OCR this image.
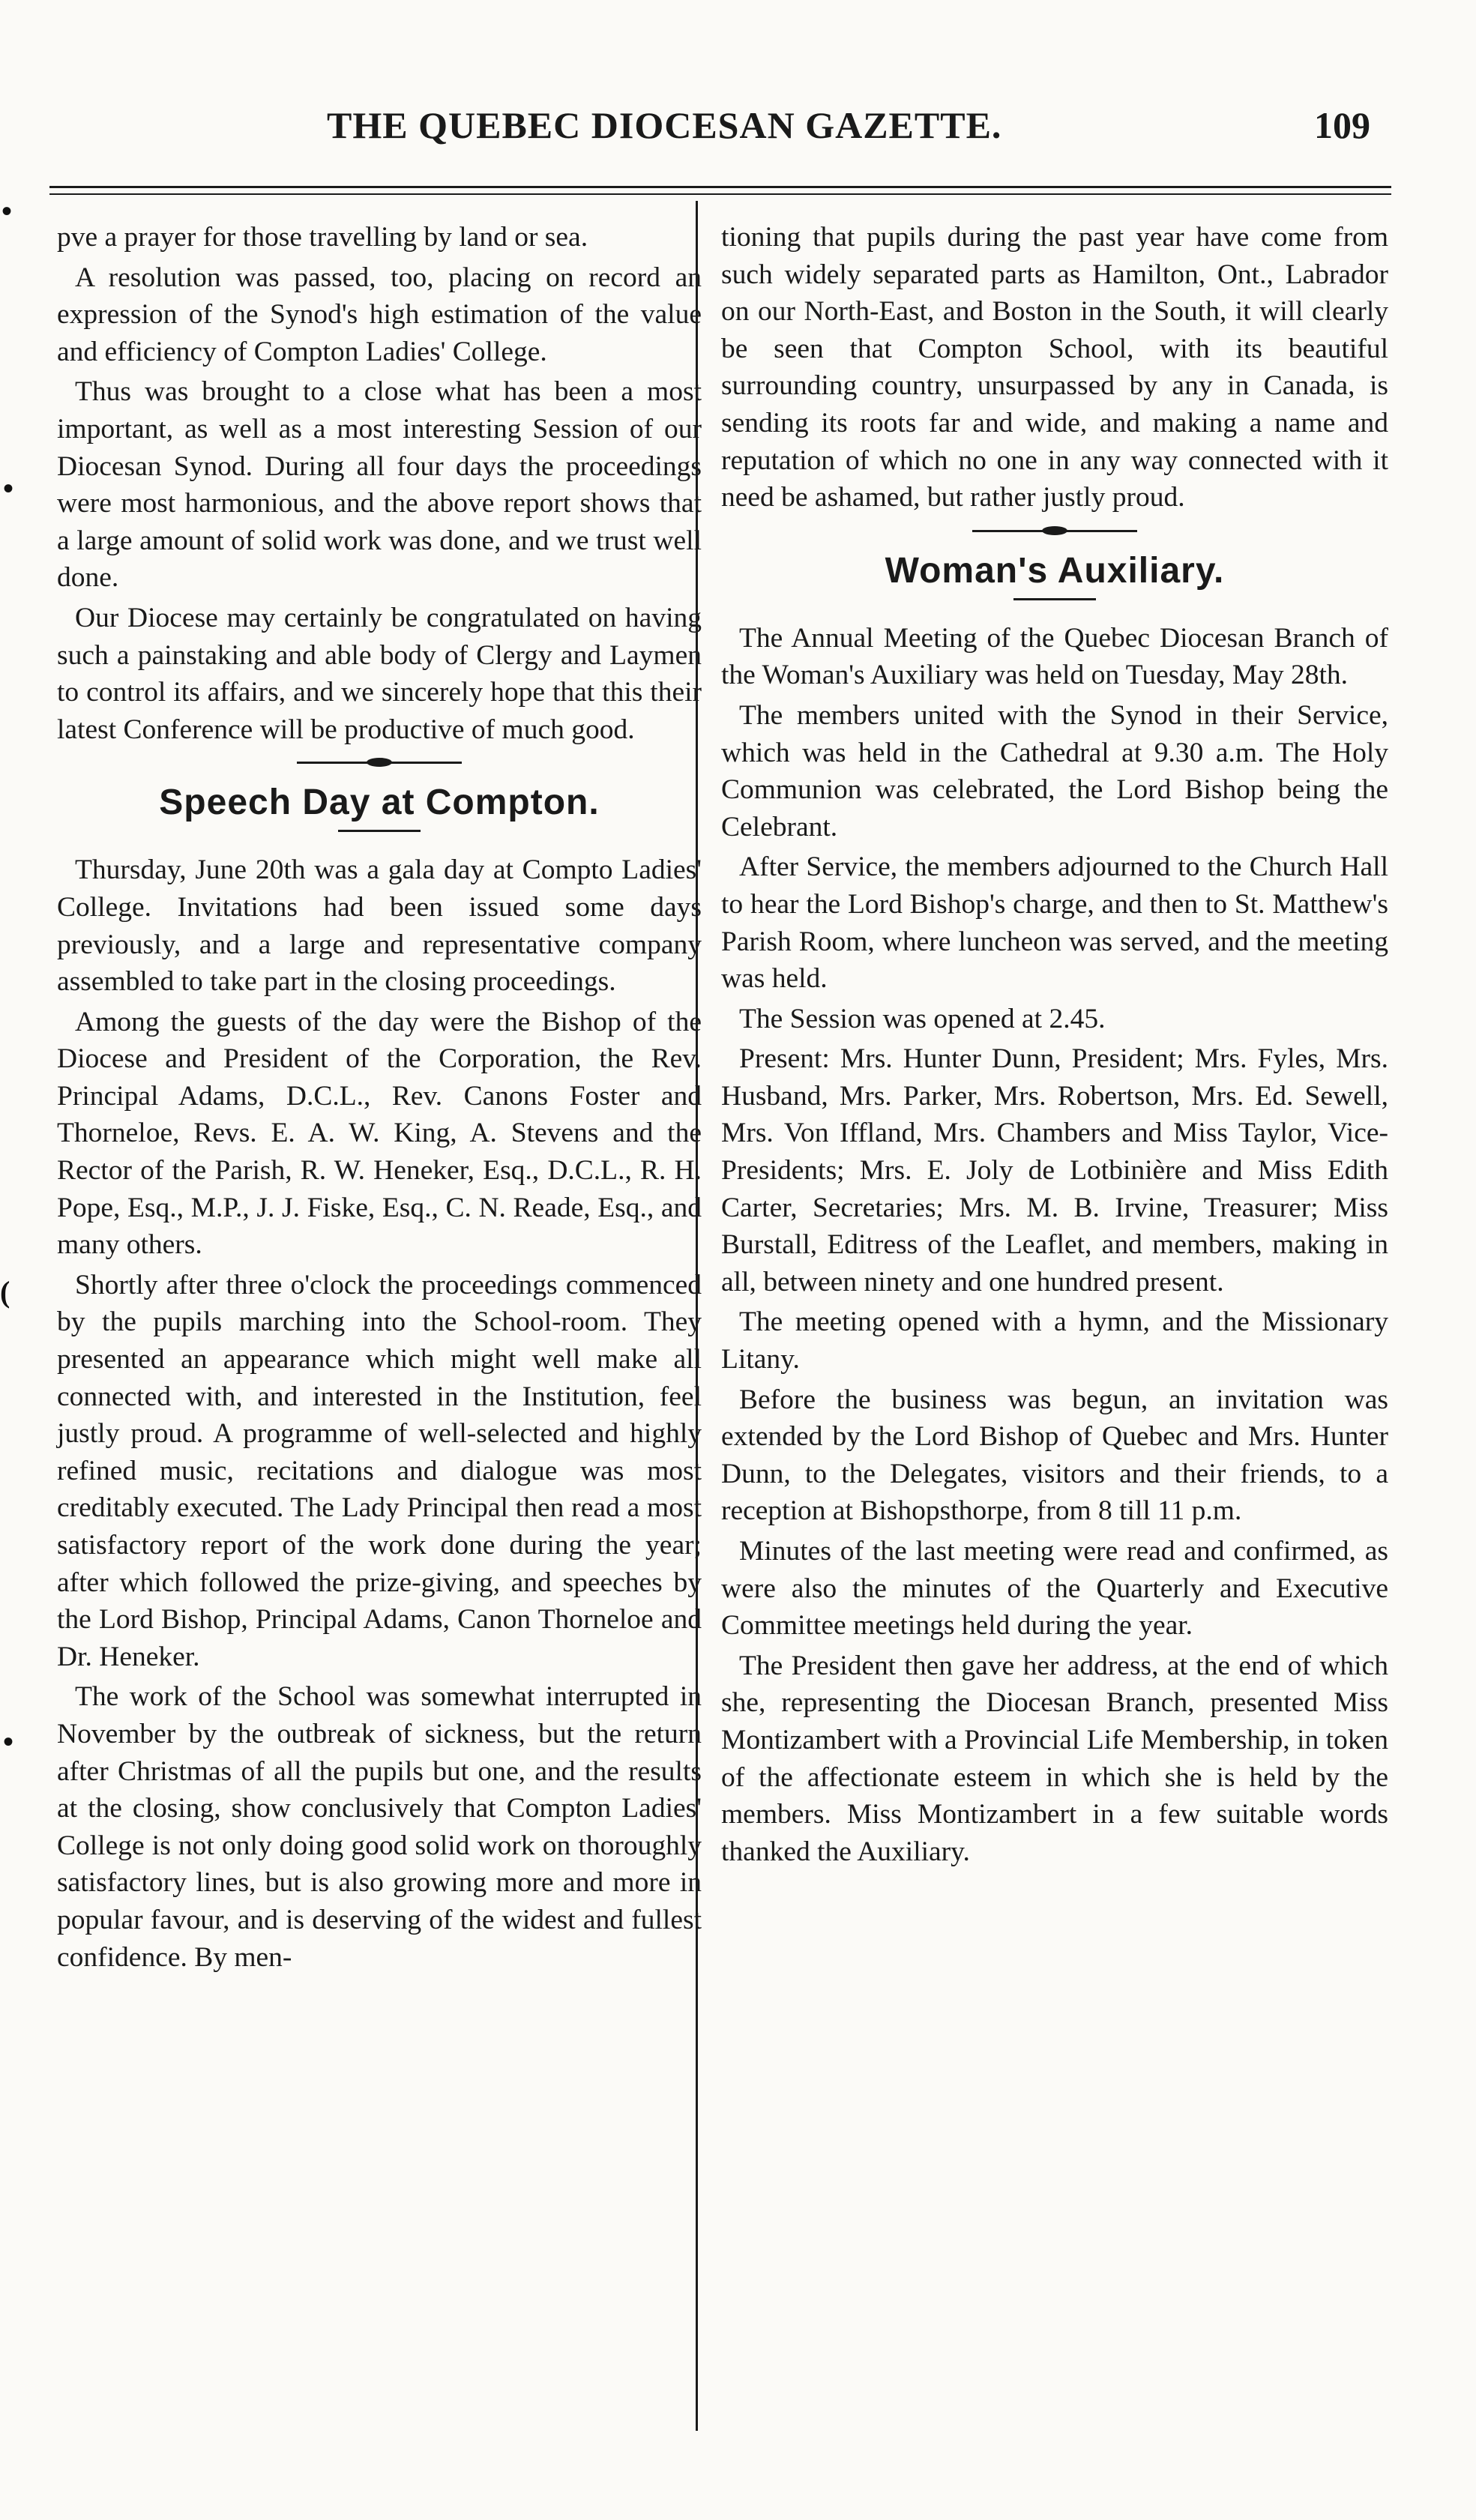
THE QUEBEC DIOCESAN GAZETTE.	109
•
•
(
•

pve a prayer for those travelling by land or sea.

A resolution was passed, too, placing on record an expression of the Synod's high estimation of the value and efficiency of Compton Ladies' College.

Thus was brought to a close what has been a most important, as well as a most interesting Session of our Diocesan Synod. During all four days the proceedings were most harmonious, and the above report shows that a large amount of solid work was done, and we trust well done.

Our Diocese may certainly be congratulated on having such a painstaking and able body of Clergy and Laymen to control its affairs, and we sincerely hope that this their latest Conference will be productive of much good.

Speech Day at Compton.

Thursday, June 20th was a gala day at Compto Ladies' College. Invitations had been issued some days previously, and a large and representative company assembled to take part in the closing proceedings.

Among the guests of the day were the Bishop of the Diocese and President of the Corporation, the Rev. Principal Adams, D.C.L., Rev. Canons Foster and Thorneloe, Revs. E. A. W. King, A. Stevens and the Rector of the Parish, R. W. Heneker, Esq., D.C.L., R. H. Pope, Esq., M.P., J. J. Fiske, Esq., C. N. Reade, Esq., and many others.

Shortly after three o'clock the proceedings commenced by the pupils marching into the School-room. They presented an appearance which might well make all connected with, and interested in the Institution, feel justly proud. A programme of well-selected and highly refined music, recitations and dialogue was most creditably executed. The Lady Principal then read a most satisfactory report of the work done during the year; after which followed the prize-giving, and speeches by the Lord Bishop, Principal Adams, Canon Thorneloe and Dr. Heneker.

The work of the School was somewhat interrupted in November by the outbreak of sickness, but the return after Christmas of all the pupils but one, and the results at the closing, show conclusively that Compton Ladies' College is not only doing good solid work on thoroughly satisfactory lines, but is also growing more and more in popular favour, and is deserving of the widest and fullest confidence. By men-

tioning that pupils during the past year have come from such widely separated parts as Hamilton, Ont., Labrador on our North-East, and Boston in the South, it will clearly be seen that Compton School, with its beautiful surrounding country, unsurpassed by any in Canada, is sending its roots far and wide, and making a name and reputation of which no one in any way connected with it need be ashamed, but rather justly proud.

Woman's Auxiliary.

The Annual Meeting of the Quebec Diocesan Branch of the Woman's Auxiliary was held on Tuesday, May 28th.

The members united with the Synod in their Service, which was held in the Cathedral at 9.30 a.m. The Holy Communion was celebrated, the Lord Bishop being the Celebrant.

After Service, the members adjourned to the Church Hall to hear the Lord Bishop's charge, and then to St. Matthew's Parish Room, where luncheon was served, and the meeting was held.

The Session was opened at 2.45.

Present: Mrs. Hunter Dunn, President; Mrs. Fyles, Mrs. Husband, Mrs. Parker, Mrs. Robertson, Mrs. Ed. Sewell, Mrs. Von Iffland, Mrs. Chambers and Miss Taylor, Vice-Presidents; Mrs. E. Joly de Lotbinière and Miss Edith Carter, Secretaries; Mrs. M. B. Irvine, Treasurer; Miss Burstall, Editress of the Leaflet, and members, making in all, between ninety and one hundred present.

The meeting opened with a hymn, and the Missionary Litany.

Before the business was begun, an invitation was extended by the Lord Bishop of Quebec and Mrs. Hunter Dunn, to the Delegates, visitors and their friends, to a reception at Bishopsthorpe, from 8 till 11 p.m.

Minutes of the last meeting were read and confirmed, as were also the minutes of the Quarterly and Executive Committee meetings held during the year.

The President then gave her address, at the end of which she, representing the Diocesan Branch, presented Miss Montizambert with a Provincial Life Membership, in token of the affectionate esteem in which she is held by the members. Miss Montizambert in a few suitable words thanked the Auxiliary.
